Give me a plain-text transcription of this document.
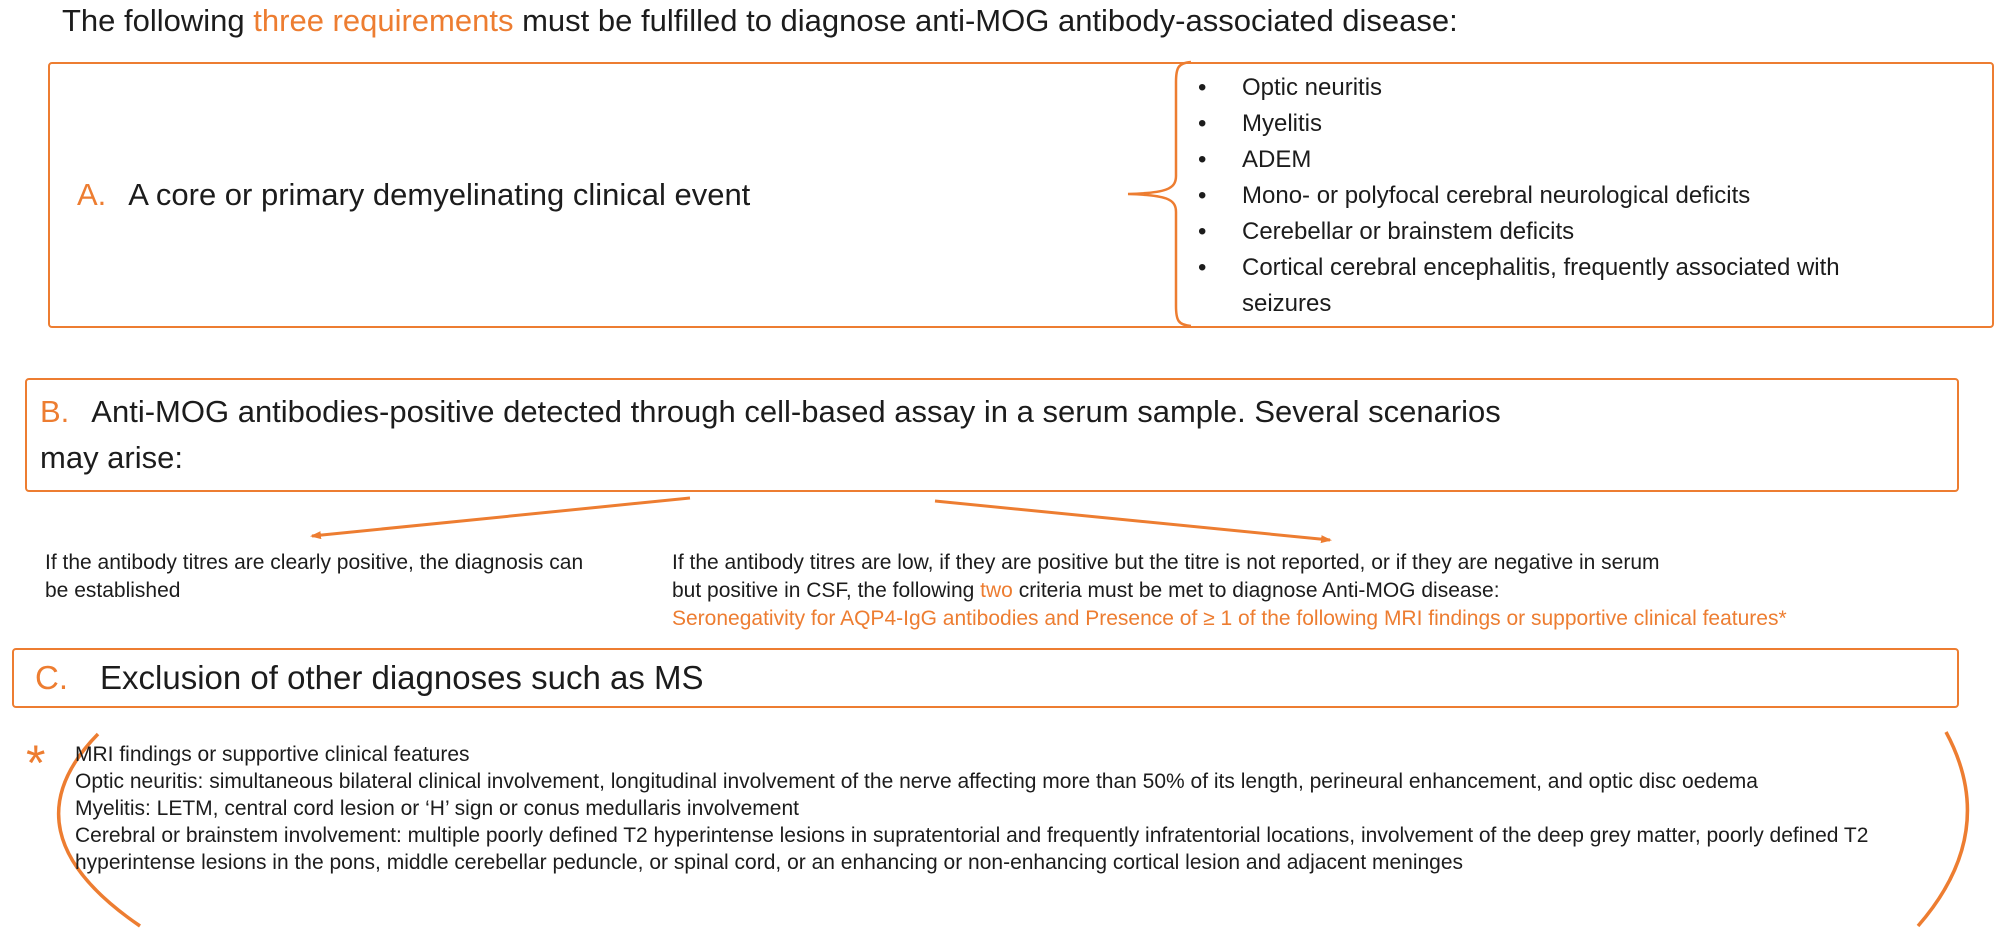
The following three requirements must be fulfilled to diagnose anti-MOG antibody-associated disease:
A. A core or primary demyelinating clinical event
• Optic neuritis
• Myelitis
• ADEM
• Mono- or polyfocal cerebral neurological deficits
• Cerebellar or brainstem deficits
• Cortical cerebral encephalitis, frequently associated with seizures
B. Anti-MOG antibodies-positive detected through cell-based assay in a serum sample. Several scenarios
may arise:
If the antibody titres are clearly positive, the diagnosis can be established
If the antibody titres are low, if they are positive but the titre is not reported, or if they are negative in serum
but positive in CSF, the following two criteria must be met to diagnose Anti-MOG disease:
Seronegativity for AQP4-IgG antibodies and Presence of ≥ 1 of the following MRI findings or supportive clinical features*
C. Exclusion of other diagnoses such as MS
* MRI findings or supportive clinical features
Optic neuritis: simultaneous bilateral clinical involvement, longitudinal involvement of the nerve affecting more than 50% of its length, perineural enhancement, and optic disc oedema
Myelitis: LETM, central cord lesion or ‘H’ sign or conus medullaris involvement
Cerebral or brainstem involvement: multiple poorly defined T2 hyperintense lesions in supratentorial and frequently infratentorial locations, involvement of the deep grey matter, poorly defined T2 hyperintense lesions in the pons, middle cerebellar peduncle, or spinal cord, or an enhancing or non-enhancing cortical lesion and adjacent meninges
